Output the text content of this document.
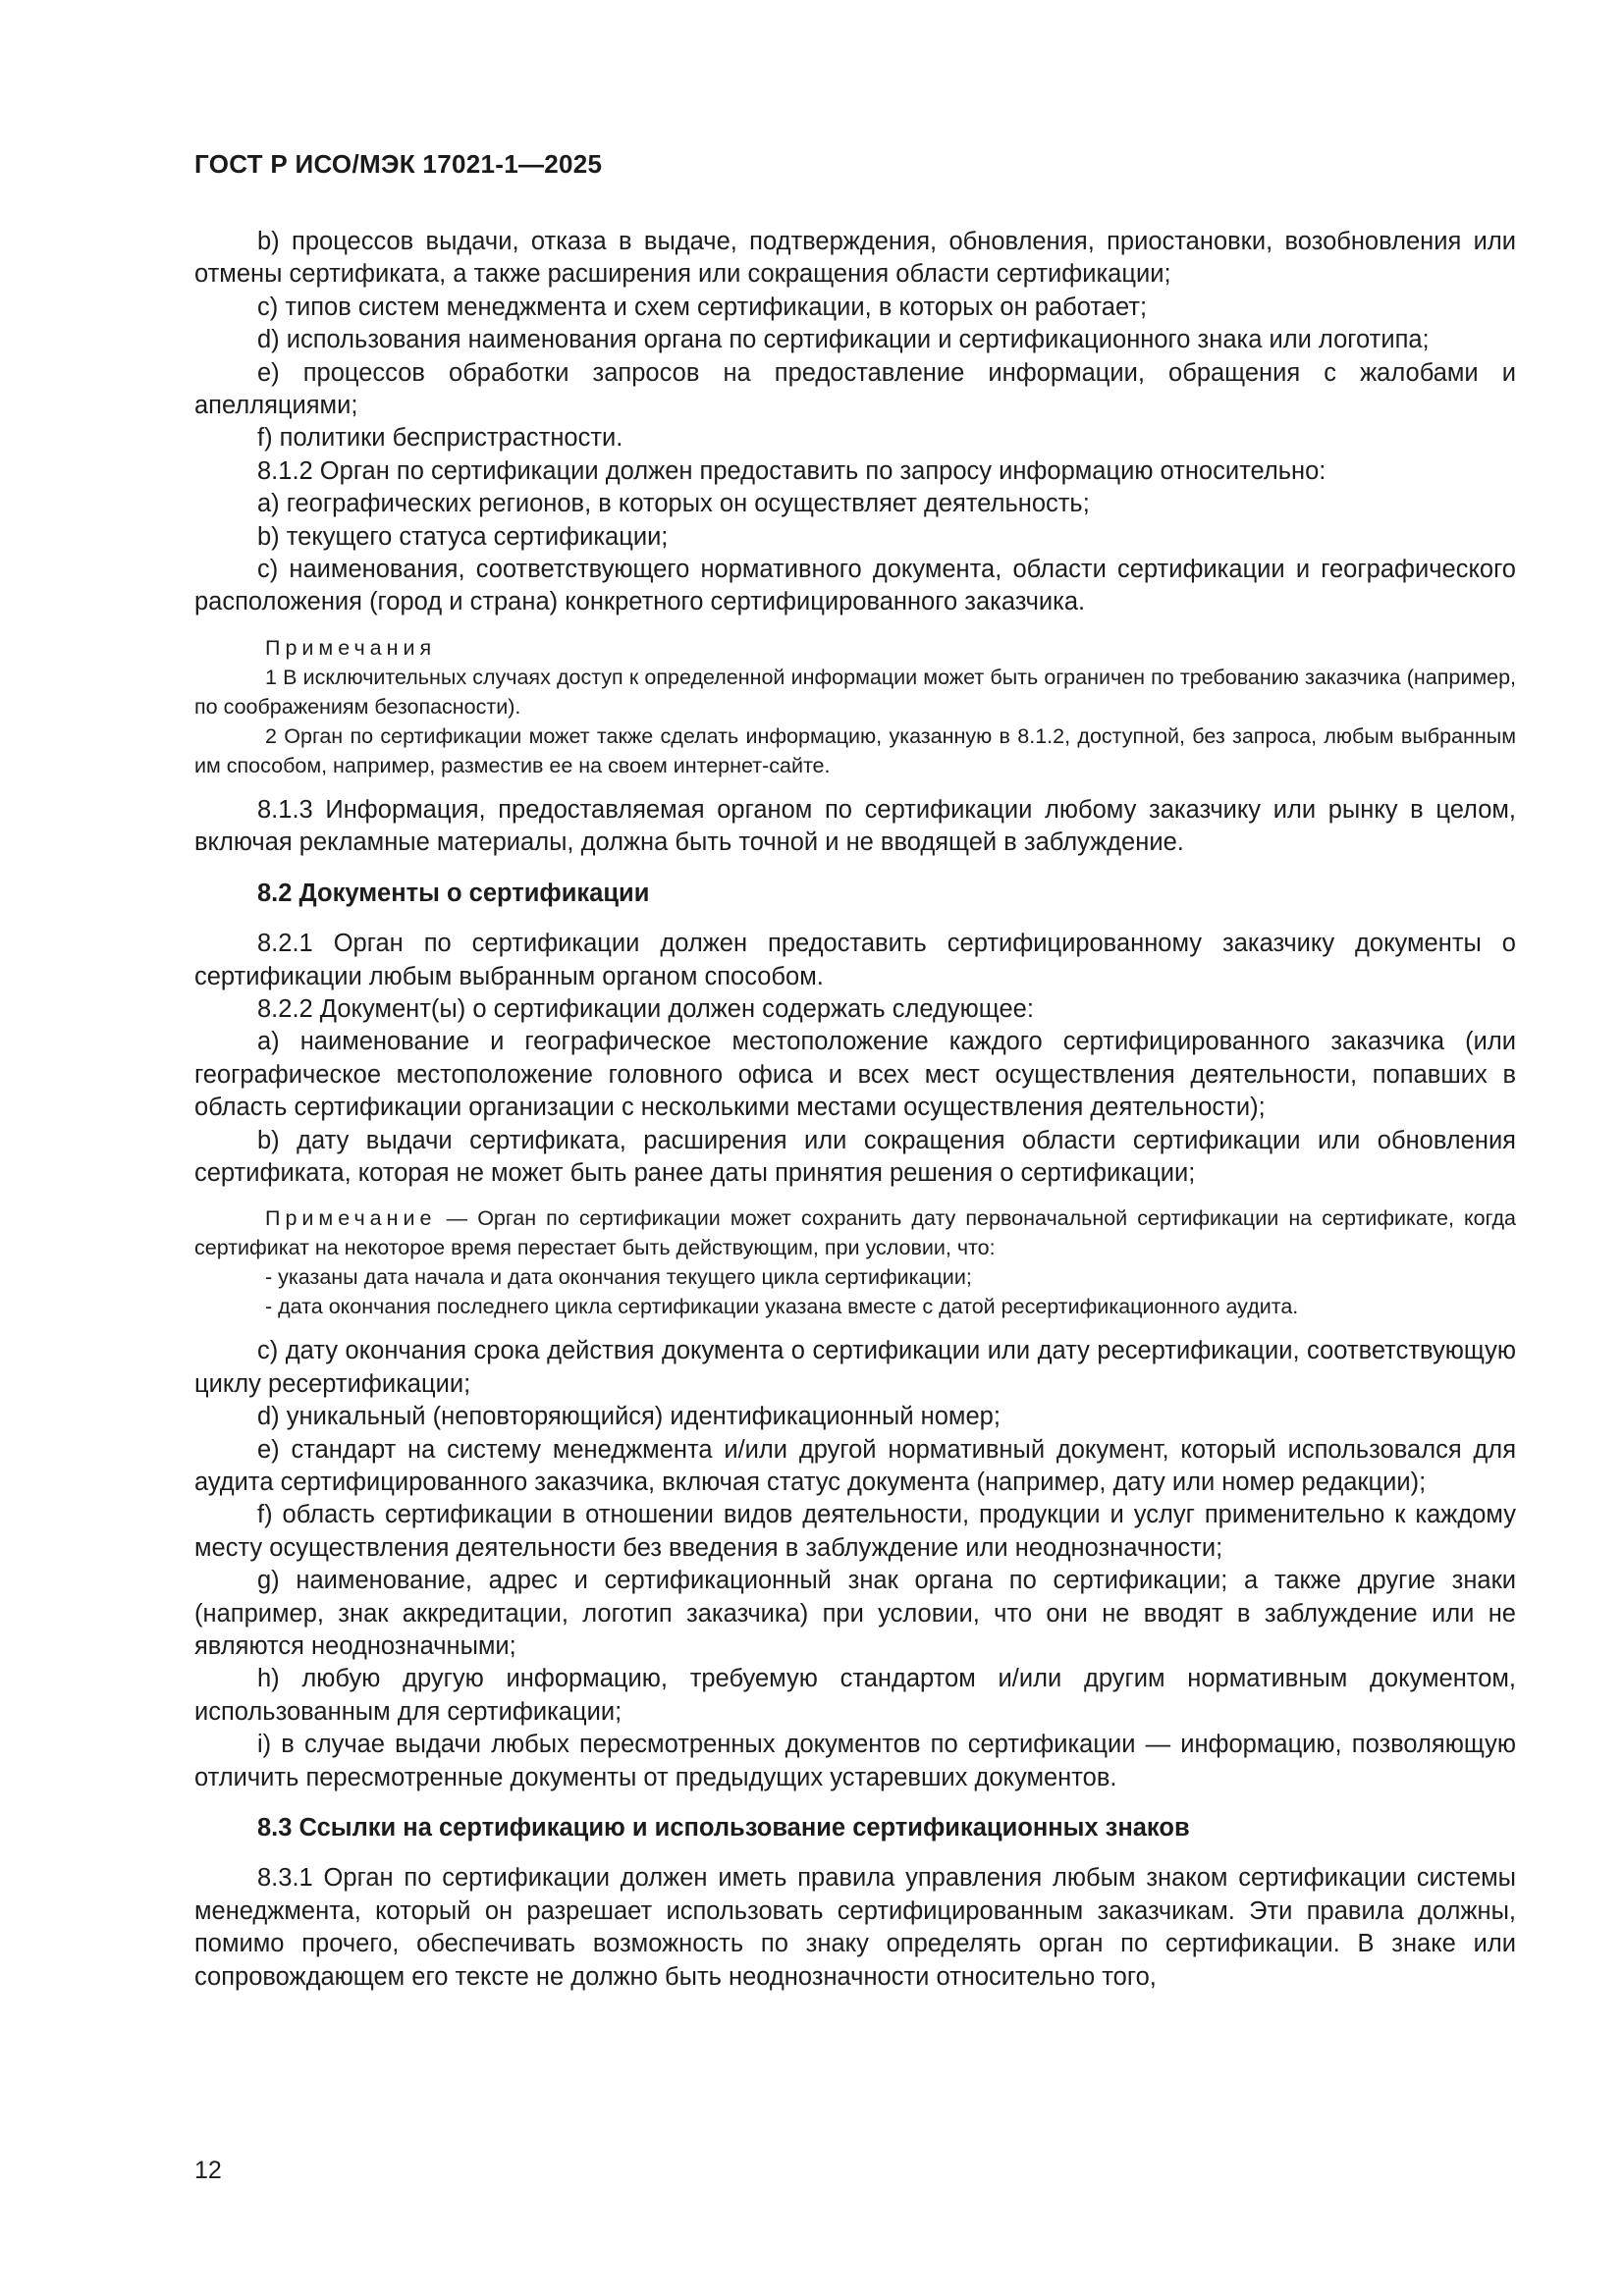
ГОСТ Р ИСО/МЭК 17021-1—2025

b) процессов выдачи, отказа в выдаче, подтверждения, обновления, приостановки, возобновления или отмены сертификата, а также расширения или сокращения области сертификации;

c) типов систем менеджмента и схем сертификации, в которых он работает;

d) использования наименования органа по сертификации и сертификационного знака или логотипа;

e) процессов обработки запросов на предоставление информации, обращения с жалобами и апелляциями;

f) политики беспристрастности.

8.1.2 Орган по сертификации должен предоставить по запросу информацию относительно:

a) географических регионов, в которых он осуществляет деятельность;

b) текущего статуса сертификации;

c) наименования, соответствующего нормативного документа, области сертификации и географического расположения (город и страна) конкретного сертифицированного заказчика.

Примечания

1 В исключительных случаях доступ к определенной информации может быть ограничен по требованию заказчика (например, по соображениям безопасности).

2 Орган по сертификации может также сделать информацию, указанную в 8.1.2, доступной, без запроса, любым выбранным им способом, например, разместив ее на своем интернет-сайте.

8.1.3 Информация, предоставляемая органом по сертификации любому заказчику или рынку в целом, включая рекламные материалы, должна быть точной и не вводящей в заблуждение.

8.2 Документы о сертификации

8.2.1 Орган по сертификации должен предоставить сертифицированному заказчику документы о сертификации любым выбранным органом способом.

8.2.2 Документ(ы) о сертификации должен содержать следующее:

a) наименование и географическое местоположение каждого сертифицированного заказчика (или географическое местоположение головного офиса и всех мест осуществления деятельности, попавших в область сертификации организации с несколькими местами осуществления деятельности);

b) дату выдачи сертификата, расширения или сокращения области сертификации или обновления сертификата, которая не может быть ранее даты принятия решения о сертификации;

Примечание — Орган по сертификации может сохранить дату первоначальной сертификации на сертификате, когда сертификат на некоторое время перестает быть действующим, при условии, что:

- указаны дата начала и дата окончания текущего цикла сертификации;

- дата окончания последнего цикла сертификации указана вместе с датой ресертификационного аудита.

c) дату окончания срока действия документа о сертификации или дату ресертификации, соответствующую циклу ресертификации;

d) уникальный (неповторяющийся) идентификационный номер;

e) стандарт на систему менеджмента и/или другой нормативный документ, который использовался для аудита сертифицированного заказчика, включая статус документа (например, дату или номер редакции);

f) область сертификации в отношении видов деятельности, продукции и услуг применительно к каждому месту осуществления деятельности без введения в заблуждение или неоднозначности;

g) наименование, адрес и сертификационный знак органа по сертификации; а также другие знаки (например, знак аккредитации, логотип заказчика) при условии, что они не вводят в заблуждение или не являются неоднозначными;

h) любую другую информацию, требуемую стандартом и/или другим нормативным документом, использованным для сертификации;

i) в случае выдачи любых пересмотренных документов по сертификации — информацию, позволяющую отличить пересмотренные документы от предыдущих устаревших документов.

8.3 Ссылки на сертификацию и использование сертификационных знаков

8.3.1 Орган по сертификации должен иметь правила управления любым знаком сертификации системы менеджмента, который он разрешает использовать сертифицированным заказчикам. Эти правила должны, помимо прочего, обеспечивать возможность по знаку определять орган по сертификации. В знаке или сопровождающем его тексте не должно быть неоднозначности относительно того,

12
